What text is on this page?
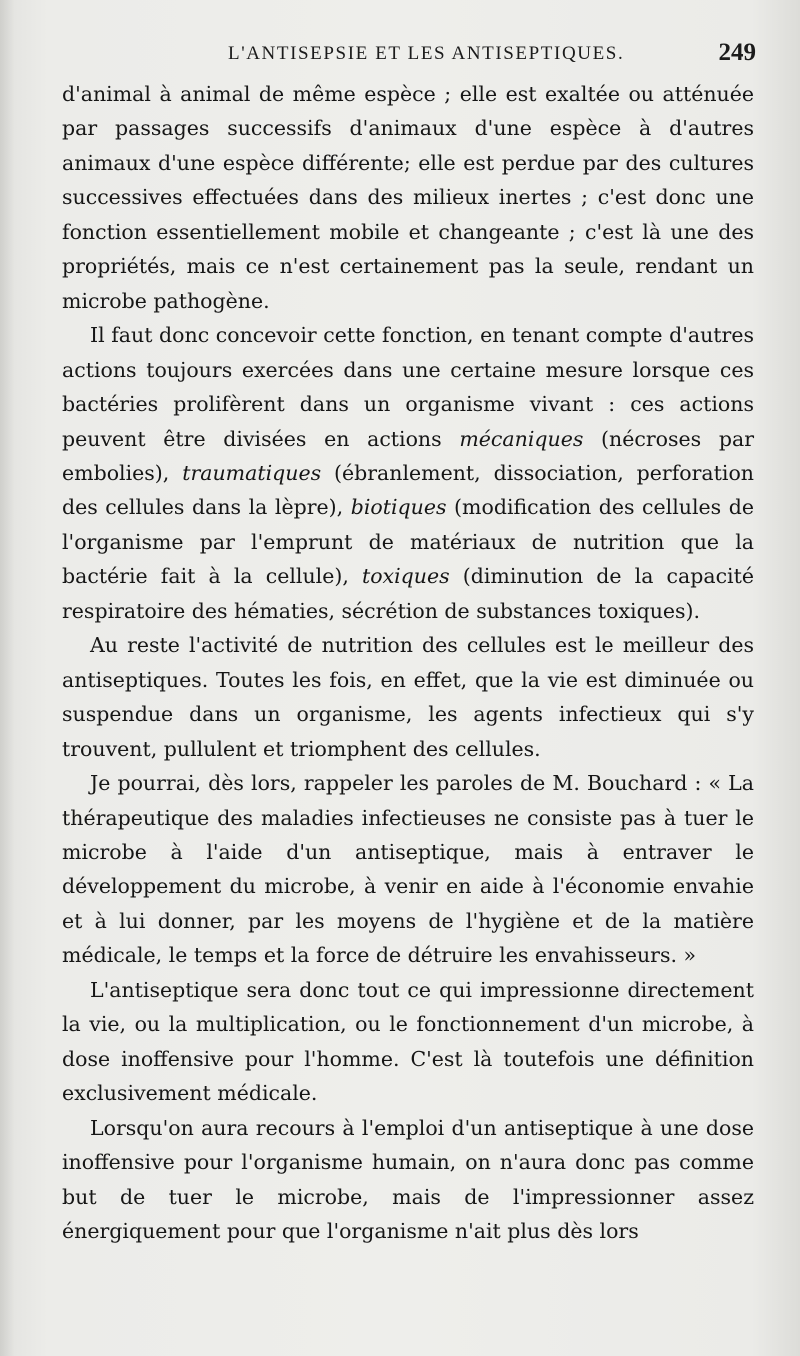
L'ANTISEPSIE ET LES ANTISEPTIQUES.	249

d'animal à animal de même espèce ; elle est exaltée ou atténuée par passages successifs d'animaux d'une espèce à d'autres animaux d'une espèce différente; elle est perdue par des cultures successives effectuées dans des milieux inertes ; c'est donc une fonction essentiellement mobile et changeante ; c'est là une des propriétés, mais ce n'est certainement pas la seule, rendant un microbe pathogène.

Il faut donc concevoir cette fonction, en tenant compte d'autres actions toujours exercées dans une certaine mesure lorsque ces bactéries prolifèrent dans un organisme vivant : ces actions peuvent être divisées en actions mécaniques (nécroses par embolies), traumatiques (ébranlement, dissociation, perforation des cellules dans la lèpre), biotiques (modification des cellules de l'organisme par l'emprunt de matériaux de nutrition que la bactérie fait à la cellule), toxiques (diminution de la capacité respiratoire des hématies, sécrétion de substances toxiques).

Au reste l'activité de nutrition des cellules est le meilleur des antiseptiques. Toutes les fois, en effet, que la vie est diminuée ou suspendue dans un organisme, les agents infectieux qui s'y trouvent, pullulent et triomphent des cellules.

Je pourrai, dès lors, rappeler les paroles de M. Bouchard : « La thérapeutique des maladies infectieuses ne consiste pas à tuer le microbe à l'aide d'un antiseptique, mais à entraver le développement du microbe, à venir en aide à l'économie envahie et à lui donner, par les moyens de l'hygiène et de la matière médicale, le temps et la force de détruire les envahisseurs. »

L'antiseptique sera donc tout ce qui impressionne directement la vie, ou la multiplication, ou le fonctionnement d'un microbe, à dose inoffensive pour l'homme. C'est là toutefois une définition exclusivement médicale.

Lorsqu'on aura recours à l'emploi d'un antiseptique à une dose inoffensive pour l'organisme humain, on n'aura donc pas comme but de tuer le microbe, mais de l'impressionner assez énergiquement pour que l'organisme n'ait plus dès lors
